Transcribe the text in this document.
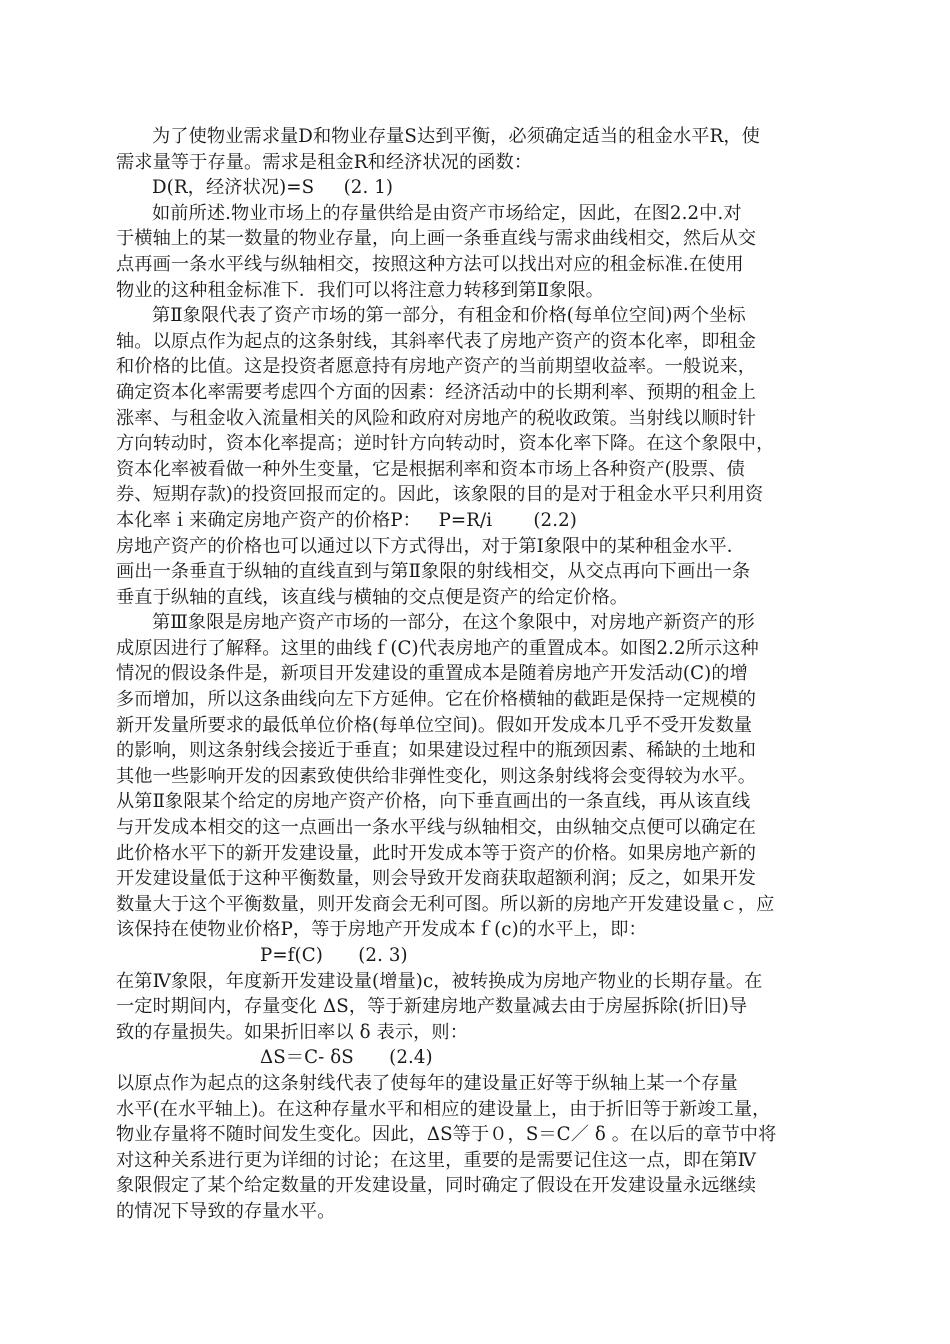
为了使物业需求量D和物业存量S达到平衡，必须确定适当的租金水平R，使
需求量等于存量。需求是租金R和经济状况的函数：
D(R，经济状况)=S     (2. 1)
如前所述.物业市场上的存量供给是由资产市场给定，因此，在图2.2中.对
于横轴上的某一数量的物业存量，向上画一条垂直线与需求曲线相交，然后从交
点再画一条水平线与纵轴相交，按照这种方法可以找出对应的租金标准.在使用
物业的这种租金标准下．我们可以将注意力转移到第Ⅱ象限。
第Ⅱ象限代表了资产市场的第一部分，有租金和价格(每单位空间)两个坐标
轴。以原点作为起点的这条射线，其斜率代表了房地产资产的资本化率，即租金
和价格的比值。这是投资者愿意持有房地产资产的当前期望收益率。一般说来，
确定资本化率需要考虑四个方面的因素：经济活动中的长期利率、预期的租金上
涨率、与租金收入流量相关的风险和政府对房地产的税收政策。当射线以顺时针
方向转动时，资本化率提高；逆时针方向转动时，资本化率下降。在这个象限中，
资本化率被看做一种外生变量，它是根据利率和资本市场上各种资产(股票、债
券、短期存款)的投资回报而定的。因此，该象限的目的是对于租金水平只利用资
本化率ｉ来确定房地产资产的价格P：   P=R/i       (2.2)
房地产资产的价格也可以通过以下方式得出，对于第Ⅰ象限中的某种租金水平．
画出一条垂直于纵轴的直线直到与第Ⅱ象限的射线相交，从交点再向下画出一条
垂直于纵轴的直线，该直线与横轴的交点便是资产的给定价格。
第Ⅲ象限是房地产资产市场的一部分，在这个象限中，对房地产新资产的形
成原因进行了解释。这里的曲线ｆ(C)代表房地产的重置成本。如图2.2所示这种
情况的假设条件是，新项目开发建设的重置成本是随着房地产开发活动(C)的增
多而增加，所以这条曲线向左下方延伸。它在价格横轴的截距是保持一定规模的
新开发量所要求的最低单位价格(每单位空间)。假如开发成本几乎不受开发数量
的影响，则这条射线会接近于垂直；如果建设过程中的瓶颈因素、稀缺的土地和
其他一些影响开发的因素致使供给非弹性变化，则这条射线将会变得较为水平。
从第Ⅱ象限某个给定的房地产资产价格，向下垂直画出的一条直线，再从该直线
与开发成本相交的这一点画出一条水平线与纵轴相交，由纵轴交点便可以确定在
此价格水平下的新开发建设量，此时开发成本等于资产的价格。如果房地产新的
开发建设量低于这种平衡数量，则会导致开发商获取超额利润；反之，如果开发
数量大于这个平衡数量，则开发商会无利可图。所以新的房地产开发建设量ｃ，应
该保持在使物业价格P，等于房地产开发成本ｆ(c)的水平上，即：
P=f(C)      (2. 3)
在第Ⅳ象限，年度新开发建设量(增量)c，被转换成为房地产物业的长期存量。在
一定时期间内，存量变化 ΔS，等于新建房地产数量减去由于房屋拆除(折旧)导
致的存量损失。如果折旧率以 δ 表示，则：
ΔS＝C- δS      (2.4)
以原点作为起点的这条射线代表了使每年的建设量正好等于纵轴上某一个存量
水平(在水平轴上)。在这种存量水平和相应的建设量上，由于折旧等于新竣工量，
物业存量将不随时间发生变化。因此，ΔS等于０，S＝C／ δ 。在以后的章节中将
对这种关系进行更为详细的讨论；在这里，重要的是需要记住这一点，即在第Ⅳ
象限假定了某个给定数量的开发建设量，同时确定了假设在开发建设量永远继续
的情况下导致的存量水平。
